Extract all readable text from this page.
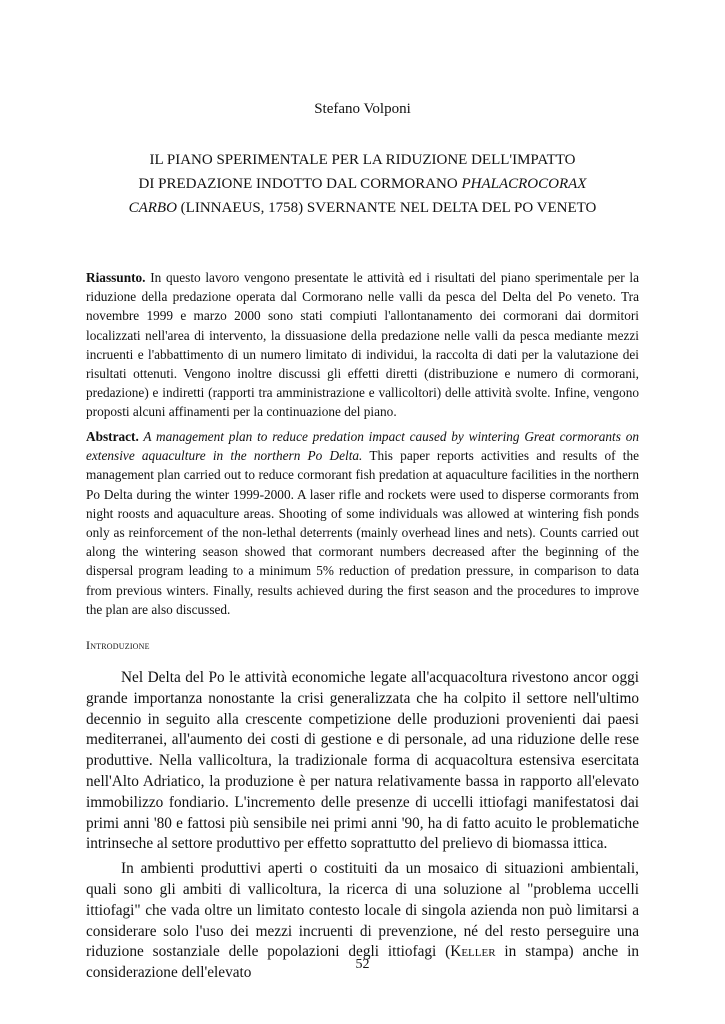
Stefano Volponi
IL PIANO SPERIMENTALE PER LA RIDUZIONE DELL'IMPATTO
DI PREDAZIONE INDOTTO DAL CORMORANO PHALACROCORAX
CARBO (LINNAEUS, 1758) SVERNANTE NEL DELTA DEL PO VENETO
Riassunto. In questo lavoro vengono presentate le attività ed i risultati del piano sperimentale per la riduzione della predazione operata dal Cormorano nelle valli da pesca del Delta del Po veneto. Tra novembre 1999 e marzo 2000 sono stati compiuti l'allontanamento dei cormorani dai dormitori localizzati nell'area di intervento, la dissuasione della predazione nelle valli da pesca mediante mezzi incruenti e l'abbattimento di un numero limitato di individui, la raccolta di dati per la valutazione dei risultati ottenuti. Vengono inoltre discussi gli effetti diretti (distribuzione e numero di cormorani, predazione) e indiretti (rapporti tra amministrazione e vallicoltori) delle attività svolte. Infine, vengono proposti alcuni affinamenti per la continuazione del piano.
Abstract. A management plan to reduce predation impact caused by wintering Great cormorants on extensive aquaculture in the northern Po Delta. This paper reports activities and results of the management plan carried out to reduce cormorant fish predation at aquaculture facilities in the northern Po Delta during the winter 1999-2000. A laser rifle and rockets were used to disperse cormorants from night roosts and aquaculture areas. Shooting of some individuals was allowed at wintering fish ponds only as reinforcement of the non-lethal deterrents (mainly overhead lines and nets). Counts carried out along the wintering season showed that cormorant numbers decreased after the beginning of the dispersal program leading to a minimum 5% reduction of predation pressure, in comparison to data from previous winters. Finally, results achieved during the first season and the procedures to improve the plan are also discussed.
Introduzione

Nel Delta del Po le attività economiche legate all'acquacoltura rivestono ancor oggi grande importanza nonostante la crisi generalizzata che ha colpito il settore nell'ultimo decennio in seguito alla crescente competizione delle produzioni provenienti dai paesi mediterranei, all'aumento dei costi di gestione e di personale, ad una riduzione delle rese produttive. Nella vallicoltura, la tradizionale forma di acquacoltura estensiva esercitata nell'Alto Adriatico, la produzione è per natura relativamente bassa in rapporto all'elevato immobilizzo fondiario. L'incremento delle presenze di uccelli ittiofagi manifestatosi dai primi anni '80 e fattosi più sensibile nei primi anni '90, ha di fatto acuito le problematiche intrinseche al settore produttivo per effetto soprattutto del prelievo di biomassa ittica.

In ambienti produttivi aperti o costituiti da un mosaico di situazioni ambientali, quali sono gli ambiti di vallicoltura, la ricerca di una soluzione al "problema uccelli ittiofagi" che vada oltre un limitato contesto locale di singola azienda non può limitarsi a considerare solo l'uso dei mezzi incruenti di prevenzione, né del resto perseguire una riduzione sostanziale delle popolazioni degli ittiofagi (Keller in stampa) anche in considerazione dell'elevato	52
